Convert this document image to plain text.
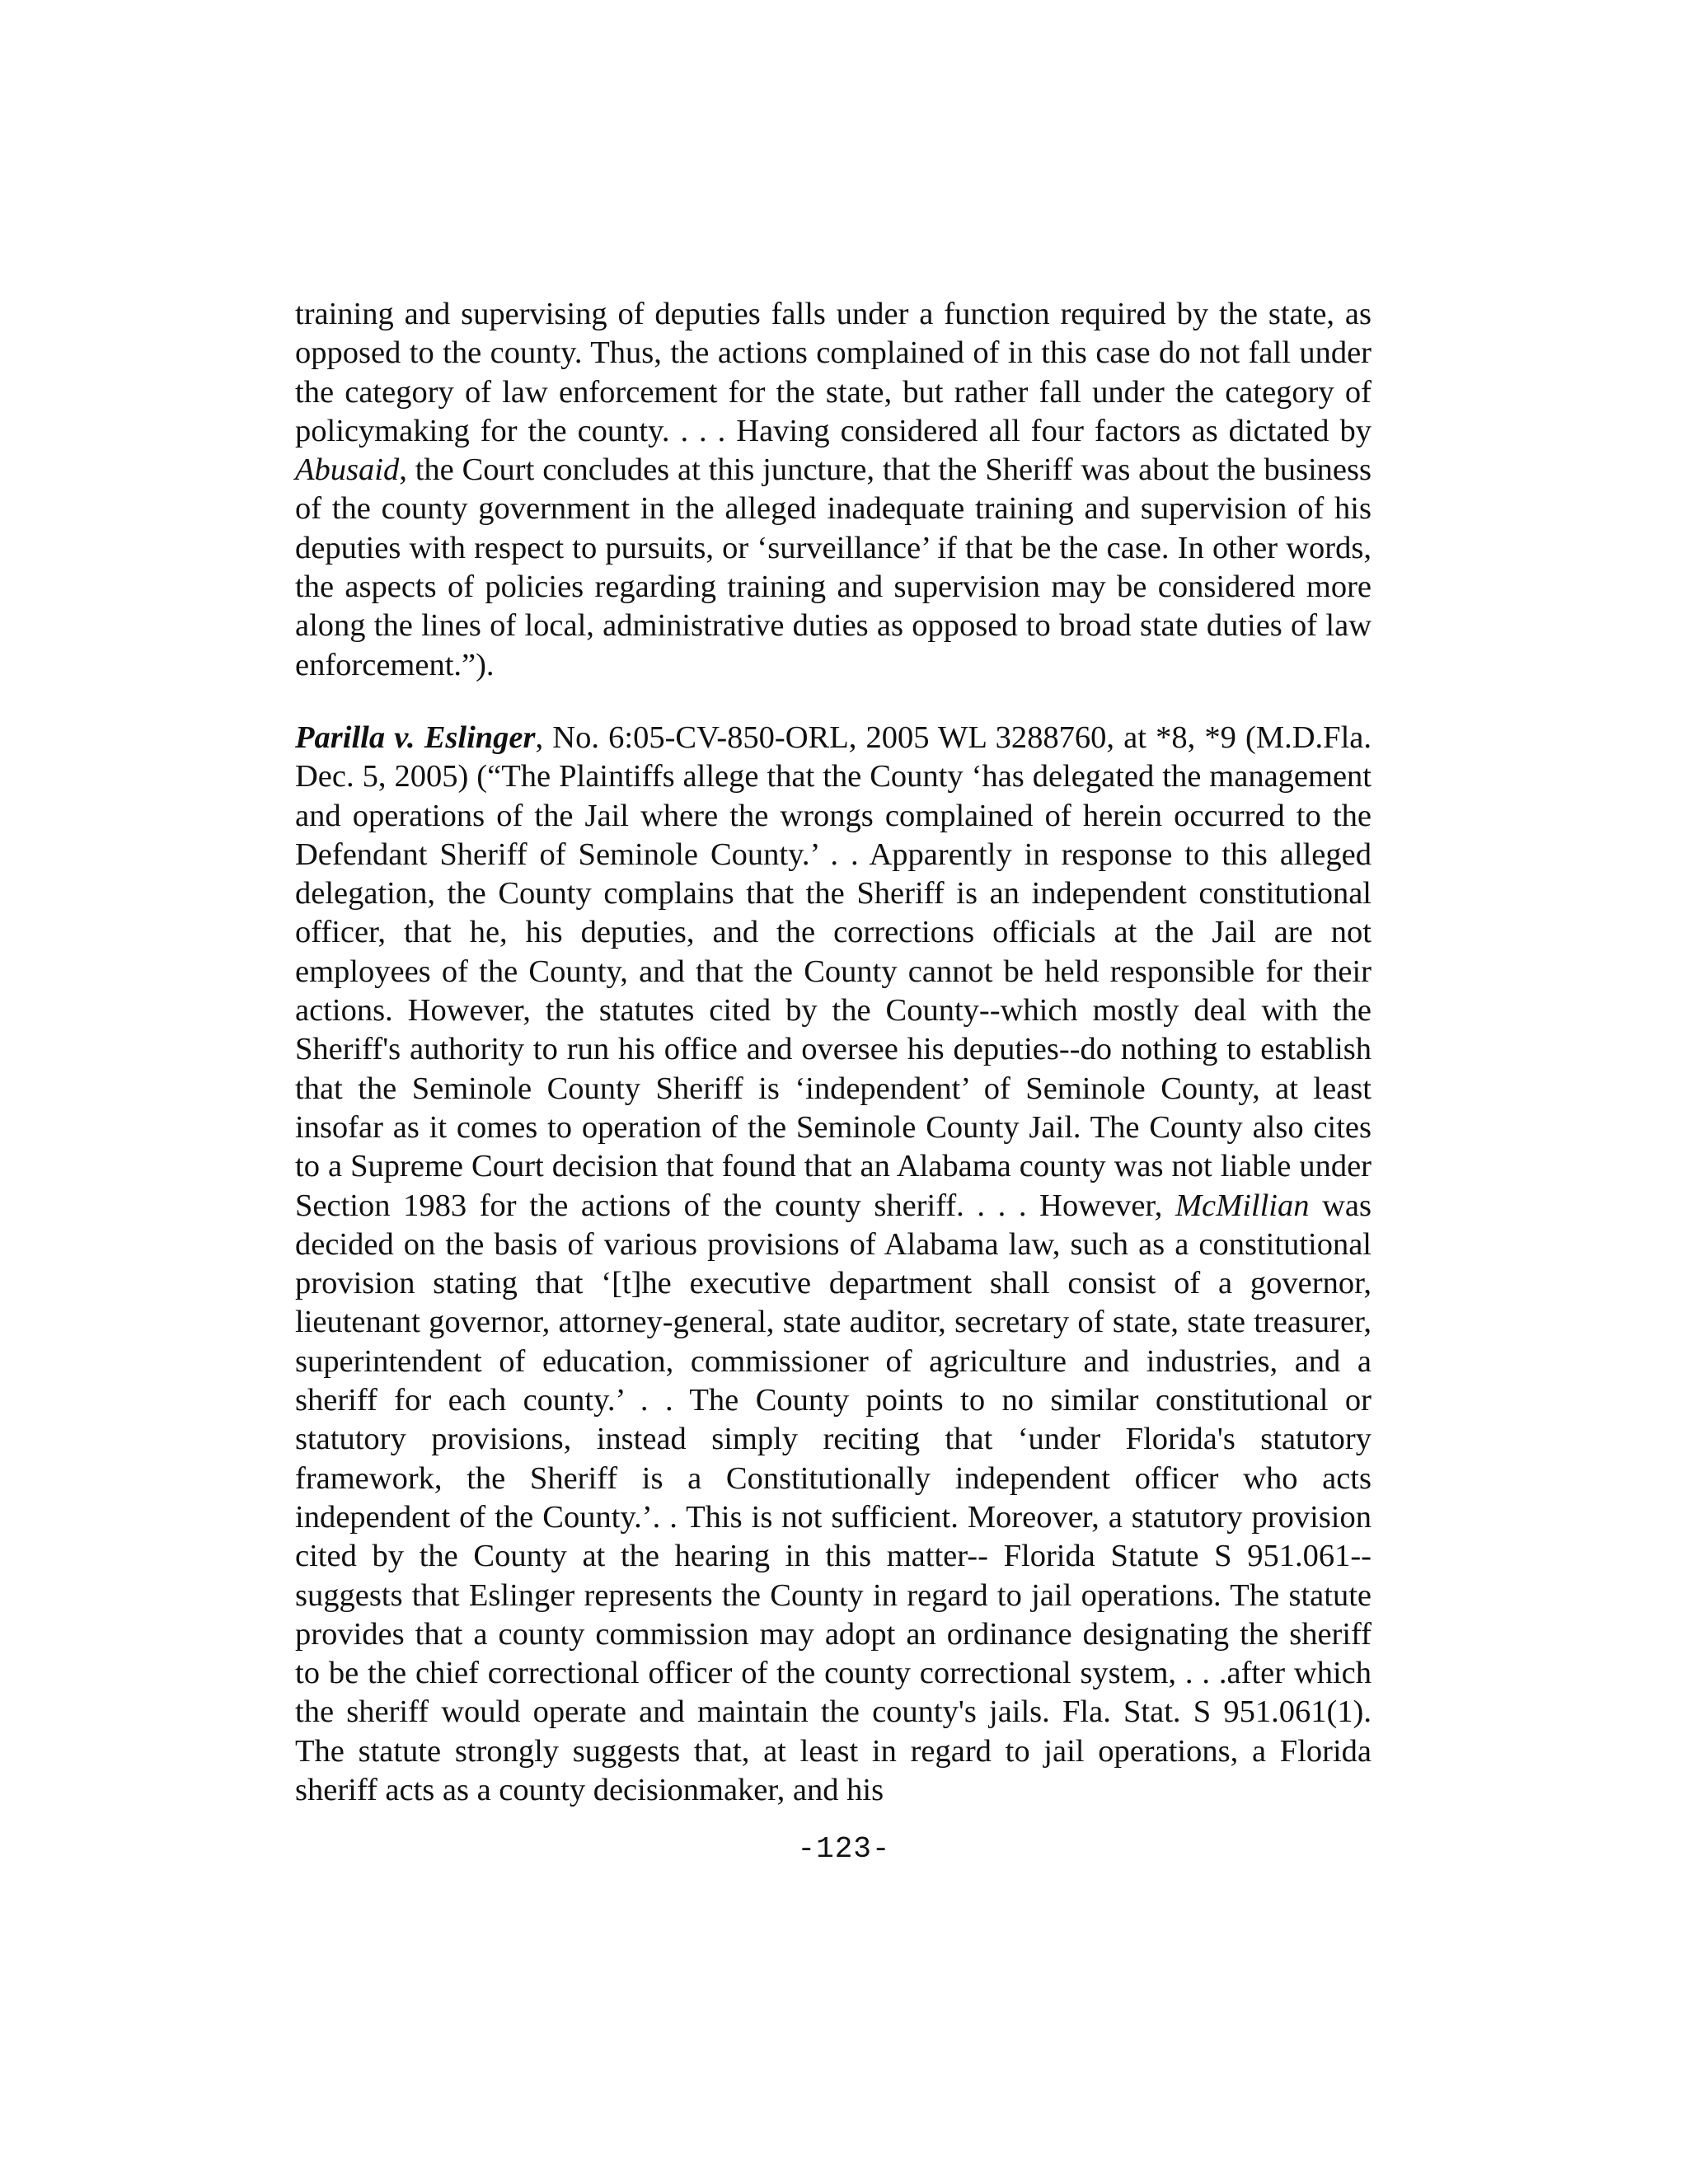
training and supervising of deputies falls under a function required by the state, as opposed to the county. Thus, the actions complained of in this case do not fall under the category of law enforcement for the state, but rather fall under the category of policymaking for the county. . . . Having considered all four factors as dictated by Abusaid, the Court concludes at this juncture, that the Sheriff was about the business of the county government in the alleged inadequate training and supervision of his deputies with respect to pursuits, or ‘surveillance’ if that be the case. In other words, the aspects of policies regarding training and supervision may be considered more along the lines of local, administrative duties as opposed to broad state duties of law enforcement.”).

Parilla v. Eslinger, No. 6:05-CV-850-ORL, 2005 WL 3288760, at *8, *9 (M.D.Fla. Dec. 5, 2005) (“The Plaintiffs allege that the County ‘has delegated the management and operations of the Jail where the wrongs complained of herein occurred to the Defendant Sheriff of Seminole County.’ . . Apparently in response to this alleged delegation, the County complains that the Sheriff is an independent constitutional officer, that he, his deputies, and the corrections officials at the Jail are not employees of the County, and that the County cannot be held responsible for their actions. However, the statutes cited by the County--which mostly deal with the Sheriff's authority to run his office and oversee his deputies--do nothing to establish that the Seminole County Sheriff is ‘independent’ of Seminole County, at least insofar as it comes to operation of the Seminole County Jail. The County also cites to a Supreme Court decision that found that an Alabama county was not liable under Section 1983 for the actions of the county sheriff. . . . However, McMillian was decided on the basis of various provisions of Alabama law, such as a constitutional provision stating that ‘[t]he executive department shall consist of a governor, lieutenant governor, attorney-general, state auditor, secretary of state, state treasurer, superintendent of education, commissioner of agriculture and industries, and a sheriff for each county.’ . . The County points to no similar constitutional or statutory provisions, instead simply reciting that ‘under Florida's statutory framework, the Sheriff is a Constitutionally independent officer who acts independent of the County.’. . This is not sufficient. Moreover, a statutory provision cited by the County at the hearing in this matter-- Florida Statute S 951.061--suggests that Eslinger represents the County in regard to jail operations. The statute provides that a county commission may adopt an ordinance designating the sheriff to be the chief correctional officer of the county correctional system, . . .after which the sheriff would operate and maintain the county's jails. Fla. Stat. S 951.061(1). The statute strongly suggests that, at least in regard to jail operations, a Florida sheriff acts as a county decisionmaker, and his

-123-
